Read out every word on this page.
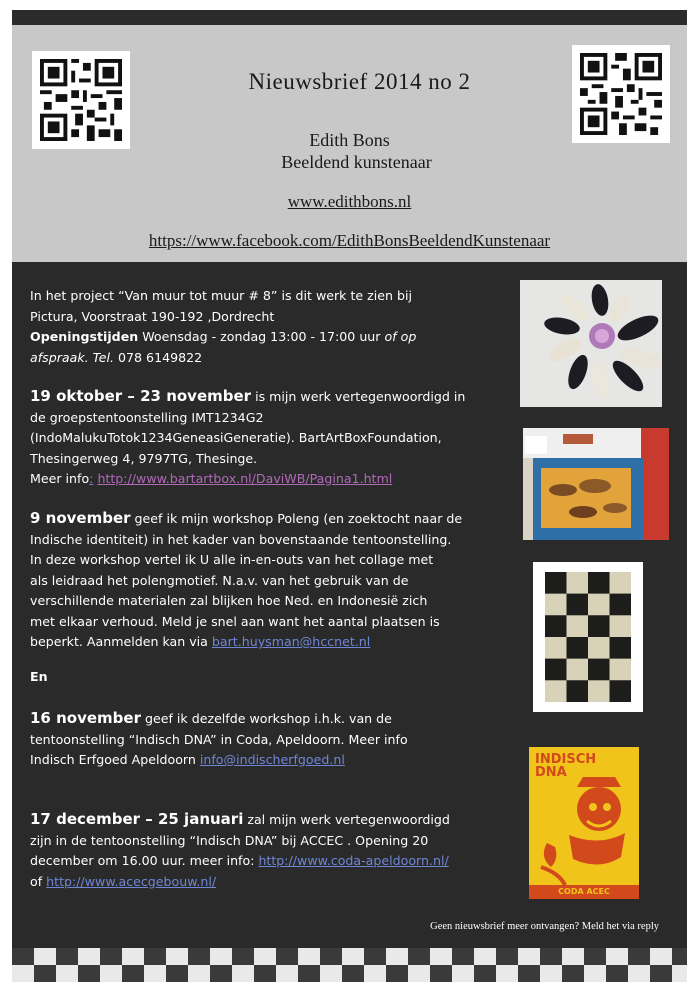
Nieuwsbrief 2014 no 2
Edith Bons
Beeldend kunstenaar
www.edithbons.nl
https://www.facebook.com/EdithBonsBeeldendKunstenaar
In het project “Van muur tot muur # 8” is dit werk te zien bij
Pictura, Voorstraat 190-192 ,Dordrecht
Openingstijden Woensdag - zondag 13:00 - 17:00 uur of op
afspraak. Tel. 078 6149822
19 oktober – 23 november is mijn werk vertegenwoordigd in
de groepstentoonstelling IMT1234G2
(IndoMalukuTotok1234GeneasiGeneratie). BartArtBoxFoundation,
Thesingerweg 4, 9797TG, Thesinge.
Meer info: http://www.bartartbox.nl/DaviWB/Pagina1.html
9 november geef ik mijn workshop Poleng (en zoektocht naar de
Indische identiteit) in het kader van bovenstaande tentoonstelling.
In deze workshop vertel ik U alle in-en-outs van het collage met
als leidraad het polengmotief. N.a.v. van het gebruik van de
verschillende materialen zal blijken hoe Ned. en Indonesië zich
met elkaar verhoud. Meld je snel aan want het aantal plaatsen is
beperkt. Aanmelden kan via bart.huysman@hccnet.nl
En
16 november geef ik dezelfde workshop i.h.k. van de
tentoonstelling “Indisch DNA” in Coda, Apeldoorn. Meer info
Indisch Erfgoed Apeldoorn info@indischerfgoed.nl
17 december – 25 januari zal mijn werk vertegenwoordigd
zijn in de tentoonstelling “Indisch DNA” bij ACCEC . Opening 20
december om 16.00 uur. meer info: http://www.coda-apeldoorn.nl/
of http://www.acecgebouw.nl/
INDISCH
DNA
CODA ACEC
Geen nieuwsbrief meer ontvangen? Meld het via reply
